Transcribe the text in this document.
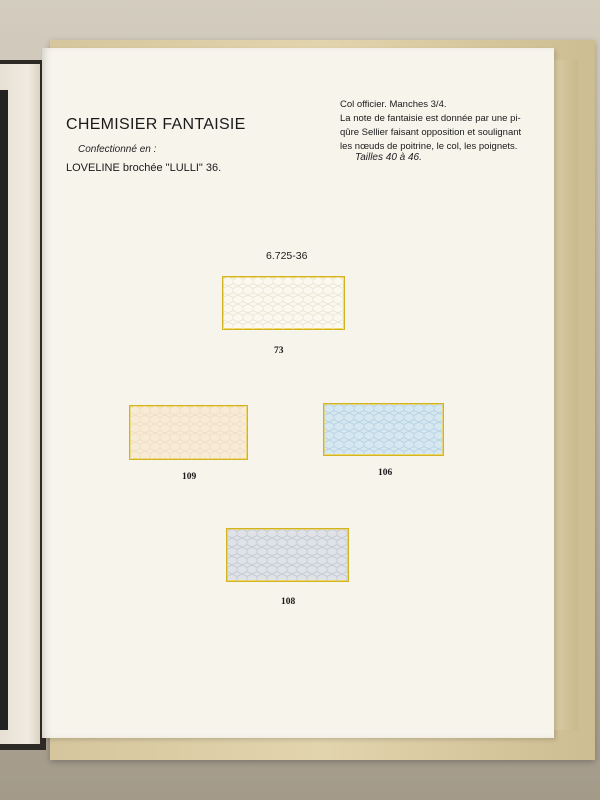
CHEMISIER FANTAISIE
Confectionné en :
LOVELINE brochée "LULLI" 36.

Col officier. Manches 3/4.

La note de fantaisie est donnée par une pi-

qûre Sellier faisant opposition et soulignant

les nœuds de poitrine, le col, les poignets.

Tailles 40 à 46.
6.725-36
73
109	106
108
